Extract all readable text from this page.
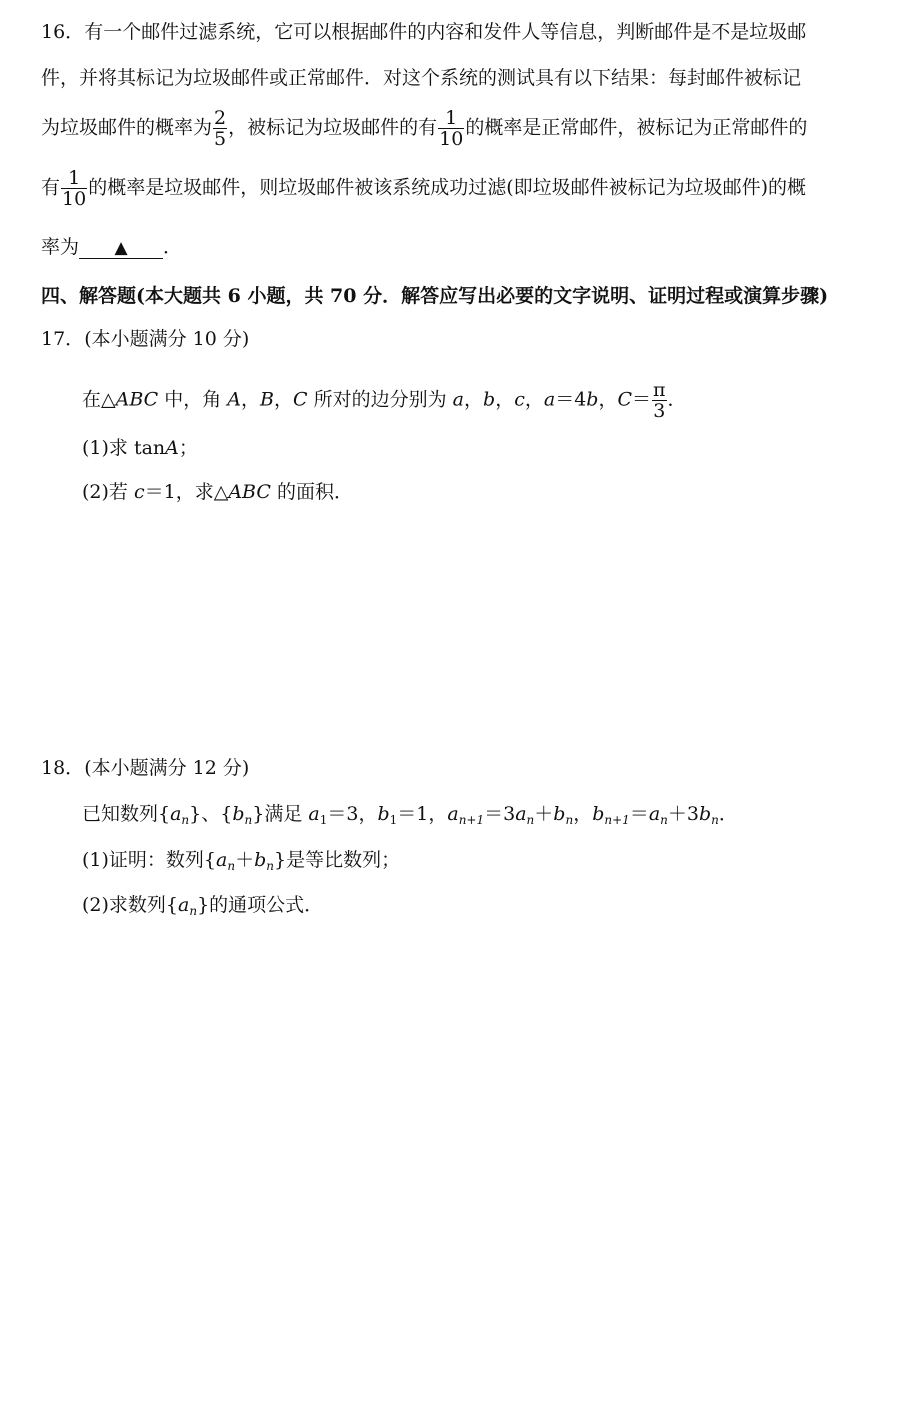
16．有一个邮件过滤系统，它可以根据邮件的内容和发件人等信息，判断邮件是不是垃圾邮
件，并将其标记为垃圾邮件或正常邮件．对这个系统的测试具有以下结果：每封邮件被标记
为垃圾邮件的概率为 $\frac{2}{5}$ ，被标记为垃圾邮件的有 $\frac{1}{10}$ 的概率是正常邮件，被标记为正常邮件的
有 $\frac{1}{10}$ 的概率是垃圾邮件，则垃圾邮件被该系统成功过滤(即垃圾邮件被标记为垃圾邮件)的概
率为 ▲ ．
四、解答题(本大题共 6 小题，共 70 分．解答应写出必要的文字说明、证明过程或演算步骤)
17．(本小题满分 10 分)
在△ABC 中，角 A，B，C 所对的边分别为 a，b，c，a＝4b，$C= \frac{\pi}{3}$ ．
(1)求 tanA；
(2)若 c＝1，求△ABC 的面积．
18．(本小题满分 12 分)
已知数列$\{a_n\}$、$\{b_n\}$满足 $a_1=3$，$b_1=1$，$a_{n+1}=3a_n+b_n$，$b_{n+1}=a_n+3b_n$．
(1)证明：数列$\{a_n+b_n\}$是等比数列；
(2)求数列$\{a_n\}$的通项公式．
